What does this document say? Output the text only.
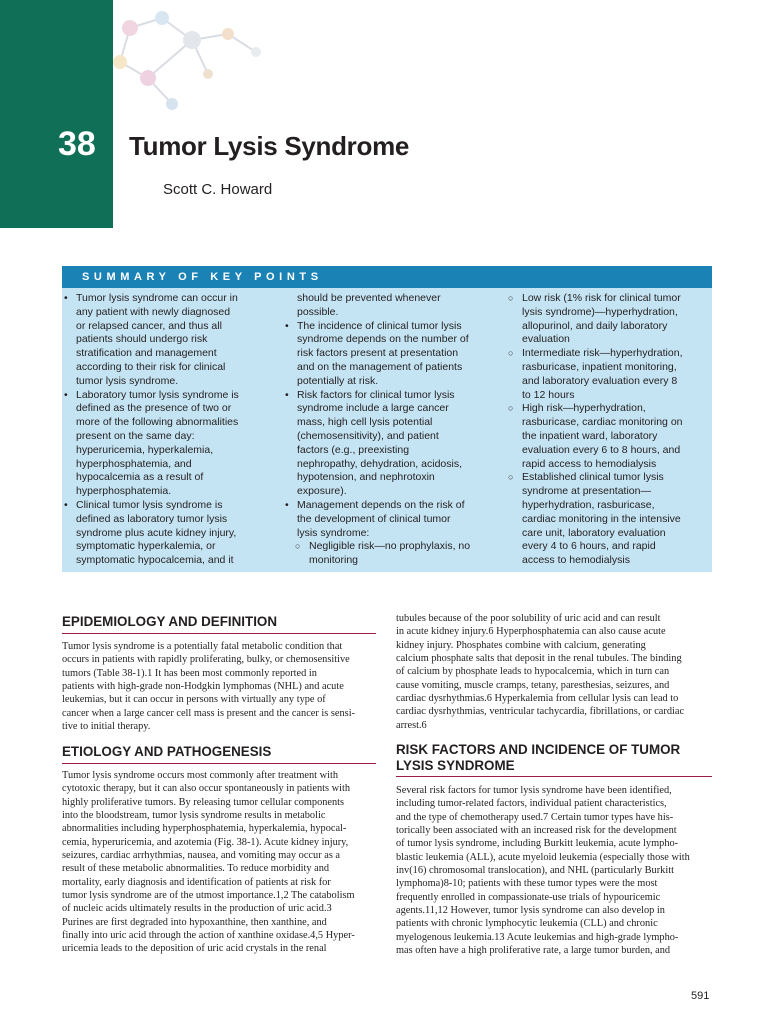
38 Tumor Lysis Syndrome

Scott C. Howard

SUMMARY OF KEY POINTS
• Tumor lysis syndrome can occur in
any patient with newly diagnosed
or relapsed cancer, and thus all
patients should undergo risk
stratification and management
according to their risk for clinical
tumor lysis syndrome.
• Laboratory tumor lysis syndrome is
defined as the presence of two or
more of the following abnormalities
present on the same day:
hyperuricemia, hyperkalemia,
hyperphosphatemia, and
hypocalcemia as a result of
hyperphosphatemia.
• Clinical tumor lysis syndrome is
defined as laboratory tumor lysis
syndrome plus acute kidney injury,
symptomatic hyperkalemia, or
symptomatic hypocalcemia, and it
should be prevented whenever
possible.
• The incidence of clinical tumor lysis
syndrome depends on the number of
risk factors present at presentation
and on the management of patients
potentially at risk.
• Risk factors for clinical tumor lysis
syndrome include a large cancer
mass, high cell lysis potential
(chemosensitivity), and patient
factors (e.g., preexisting
nephropathy, dehydration, acidosis,
hypotension, and nephrotoxin
exposure).
• Management depends on the risk of
the development of clinical tumor
lysis syndrome:
○ Negligible risk—no prophylaxis, no
monitoring
○ Low risk (1% risk for clinical tumor
lysis syndrome)—hyperhydration,
allopurinol, and daily laboratory
evaluation
○ Intermediate risk—hyperhydration,
rasburicase, inpatient monitoring,
and laboratory evaluation every 8
to 12 hours
○ High risk—hyperhydration,
rasburicase, cardiac monitoring on
the inpatient ward, laboratory
evaluation every 6 to 8 hours, and
rapid access to hemodialysis
○ Established clinical tumor lysis
syndrome at presentation—
hyperhydration, rasburicase,
cardiac monitoring in the intensive
care unit, laboratory evaluation
every 4 to 6 hours, and rapid
access to hemodialysis
EPIDEMIOLOGY AND DEFINITION
Tumor lysis syndrome is a potentially fatal metabolic condition that
occurs in patients with rapidly proliferating, bulky, or chemosensitive
tumors (Table 38-1).1 It has been most commonly reported in
patients with high-grade non-Hodgkin lymphomas (NHL) and acute
leukemias, but it can occur in persons with virtually any type of
cancer when a large cancer cell mass is present and the cancer is sensi-
tive to initial therapy.
ETIOLOGY AND PATHOGENESIS
Tumor lysis syndrome occurs most commonly after treatment with
cytotoxic therapy, but it can also occur spontaneously in patients with
highly proliferative tumors. By releasing tumor cellular components
into the bloodstream, tumor lysis syndrome results in metabolic
abnormalities including hyperphosphatemia, hyperkalemia, hypocal-
cemia, hyperuricemia, and azotemia (Fig. 38-1). Acute kidney injury,
seizures, cardiac arrhythmias, nausea, and vomiting may occur as a
result of these metabolic abnormalities. To reduce morbidity and
mortality, early diagnosis and identification of patients at risk for
tumor lysis syndrome are of the utmost importance.1,2 The catabolism
of nucleic acids ultimately results in the production of uric acid.3
Purines are first degraded into hypoxanthine, then xanthine, and
finally into uric acid through the action of xanthine oxidase.4,5 Hyper-
uricemia leads to the deposition of uric acid crystals in the renal
tubules because of the poor solubility of uric acid and can result
in acute kidney injury.6 Hyperphosphatemia can also cause acute
kidney injury. Phosphates combine with calcium, generating
calcium phosphate salts that deposit in the renal tubules. The binding
of calcium by phosphate leads to hypocalcemia, which in turn can
cause vomiting, muscle cramps, tetany, paresthesias, seizures, and
cardiac dysrhythmias.6 Hyperkalemia from cellular lysis can lead to
cardiac dysrhythmias, ventricular tachycardia, fibrillations, or cardiac
arrest.6
RISK FACTORS AND INCIDENCE OF TUMOR
LYSIS SYNDROME
Several risk factors for tumor lysis syndrome have been identified,
including tumor-related factors, individual patient characteristics,
and the type of chemotherapy used.7 Certain tumor types have his-
torically been associated with an increased risk for the development
of tumor lysis syndrome, including Burkitt leukemia, acute lympho-
blastic leukemia (ALL), acute myeloid leukemia (especially those with
inv(16) chromosomal translocation), and NHL (particularly Burkitt
lymphoma)8-10; patients with these tumor types were the most
frequently enrolled in compassionate-use trials of hypouricemic
agents.11,12 However, tumor lysis syndrome can also develop in
patients with chronic lymphocytic leukemia (CLL) and chronic
myelogenous leukemia.13 Acute leukemias and high-grade lympho-
mas often have a high proliferative rate, a large tumor burden, and

591
